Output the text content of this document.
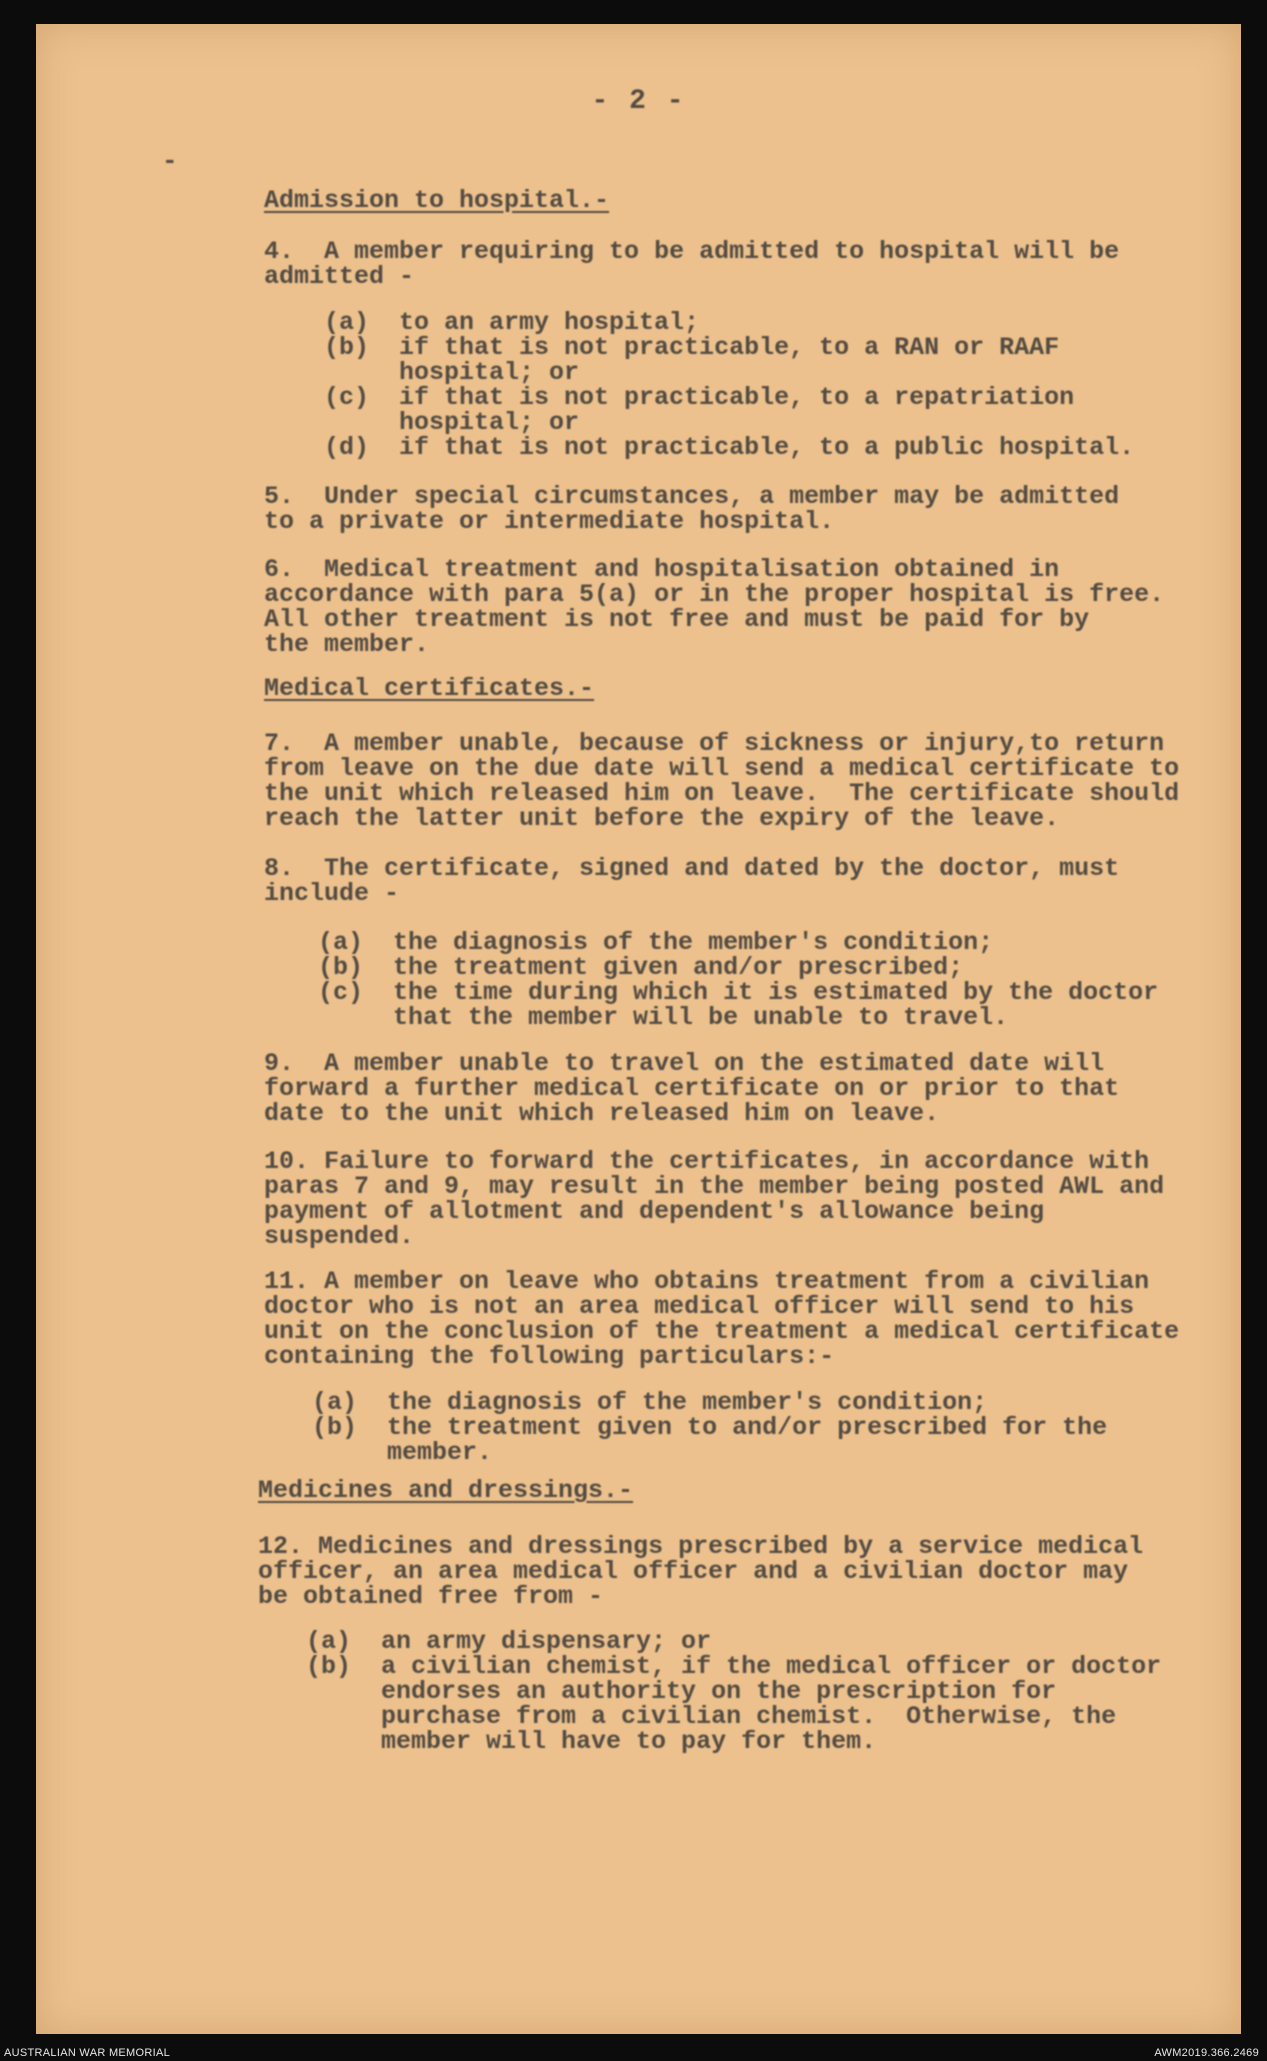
- 2 -
-
Admission to hospital.-
4.  A member requiring to be admitted to hospital will be
admitted -
(a)  to an army hospital;
(b)  if that is not practicable, to a RAN or RAAF
hospital; or
(c)  if that is not practicable, to a repatriation
hospital; or
(d)  if that is not practicable, to a public hospital.
5.  Under special circumstances, a member may be admitted
to a private or intermediate hospital.
6.  Medical treatment and hospitalisation obtained in
accordance with para 5(a) or in the proper hospital is free.
All other treatment is not free and must be paid for by
the member.
Medical certificates.-
7.  A member unable, because of sickness or injury,to return
from leave on the due date will send a medical certificate to
the unit which released him on leave.  The certificate should
reach the latter unit before the expiry of the leave.
8.  The certificate, signed and dated by the doctor, must
include -
(a)  the diagnosis of the member's condition;
(b)  the treatment given and/or prescribed;
(c)  the time during which it is estimated by the doctor
that the member will be unable to travel.
9.  A member unable to travel on the estimated date will
forward a further medical certificate on or prior to that
date to the unit which released him on leave.
10. Failure to forward the certificates, in accordance with
paras 7 and 9, may result in the member being posted AWL and
payment of allotment and dependent's allowance being
suspended.
11. A member on leave who obtains treatment from a civilian
doctor who is not an area medical officer will send to his
unit on the conclusion of the treatment a medical certificate
containing the following particulars:-
(a)  the diagnosis of the member's condition;
(b)  the treatment given to and/or prescribed for the
member.
Medicines and dressings.-
12. Medicines and dressings prescribed by a service medical
officer, an area medical officer and a civilian doctor may
be obtained free from -
(a)  an army dispensary; or
(b)  a civilian chemist, if the medical officer or doctor
endorses an authority on the prescription for
purchase from a civilian chemist.  Otherwise, the
member will have to pay for them.
AUSTRALIAN WAR MEMORIAL	AWM2019.366.2469
